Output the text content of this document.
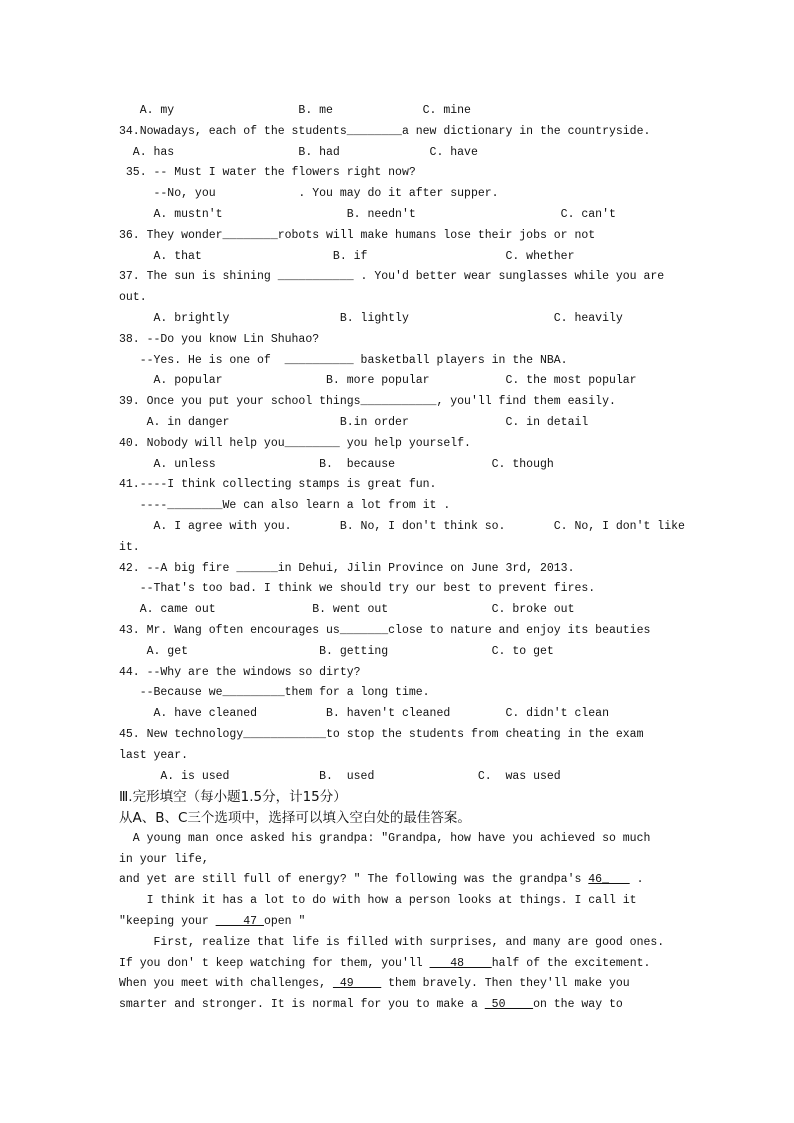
A. my                  B. me             C. mine
34.Nowadays, each of the students________a new dictionary in the countryside.
A. has                  B. had             C. have
35. -- Must I water the flowers right now?
--No, you            . You may do it after supper.
A. mustn't                  B. needn't                     C. can't
36. They wonder________robots will make humans lose their jobs or not
A. that                   B. if                    C. whether
37. The sun is shining ___________ . You'd better wear sunglasses while you are
out.
A. brightly                B. lightly                     C. heavily
38. --Do you know Lin Shuhao?
--Yes. He is one of  __________ basketball players in the NBA.
A. popular               B. more popular           C. the most popular
39. Once you put your school things___________, you'll find them easily.
A. in danger                B.in order              C. in detail
40. Nobody will help you________ you help yourself.
A. unless               B.  because              C. though
41.----I think collecting stamps is great fun.
----________We can also learn a lot from it .
A. I agree with you.       B. No, I don't think so.       C. No, I don't like
it.
42. --A big fire ______in Dehui, Jilin Province on June 3rd, 2013.
--That's too bad. I think we should try our best to prevent fires.
A. came out              B. went out               C. broke out
43. Mr. Wang often encourages us_______close to nature and enjoy its beauties
A. get                   B. getting               C. to get
44. --Why are the windows so dirty?
--Because we_________them for a long time.
A. have cleaned          B. haven't cleaned        C. didn't clean
45. New technology____________to stop the students from cheating in the exam
last year.
A. is used             B.  used               C.  was used
Ⅲ.完形填空（每小题1.5分，计15分）
从A、B、C三个选项中，选择可以填入空白处的最佳答案。
A young man once asked his grandpa: ″Grandpa, how have you achieved so much
in your life,
and yet are still full of energy? ″ The following was the grandpa's 46_    .
I think it has a lot to do with how a person looks at things. I call it
″keeping your     47 open ″
First, realize that life is filled with surprises, and many are good ones.
If you don' t keep watching for them, you'll    48    half of the excitement.
When you meet with challenges,  49     them bravely. Then they'll make you
smarter and stronger. It is normal for you to make a  50    on the way to
